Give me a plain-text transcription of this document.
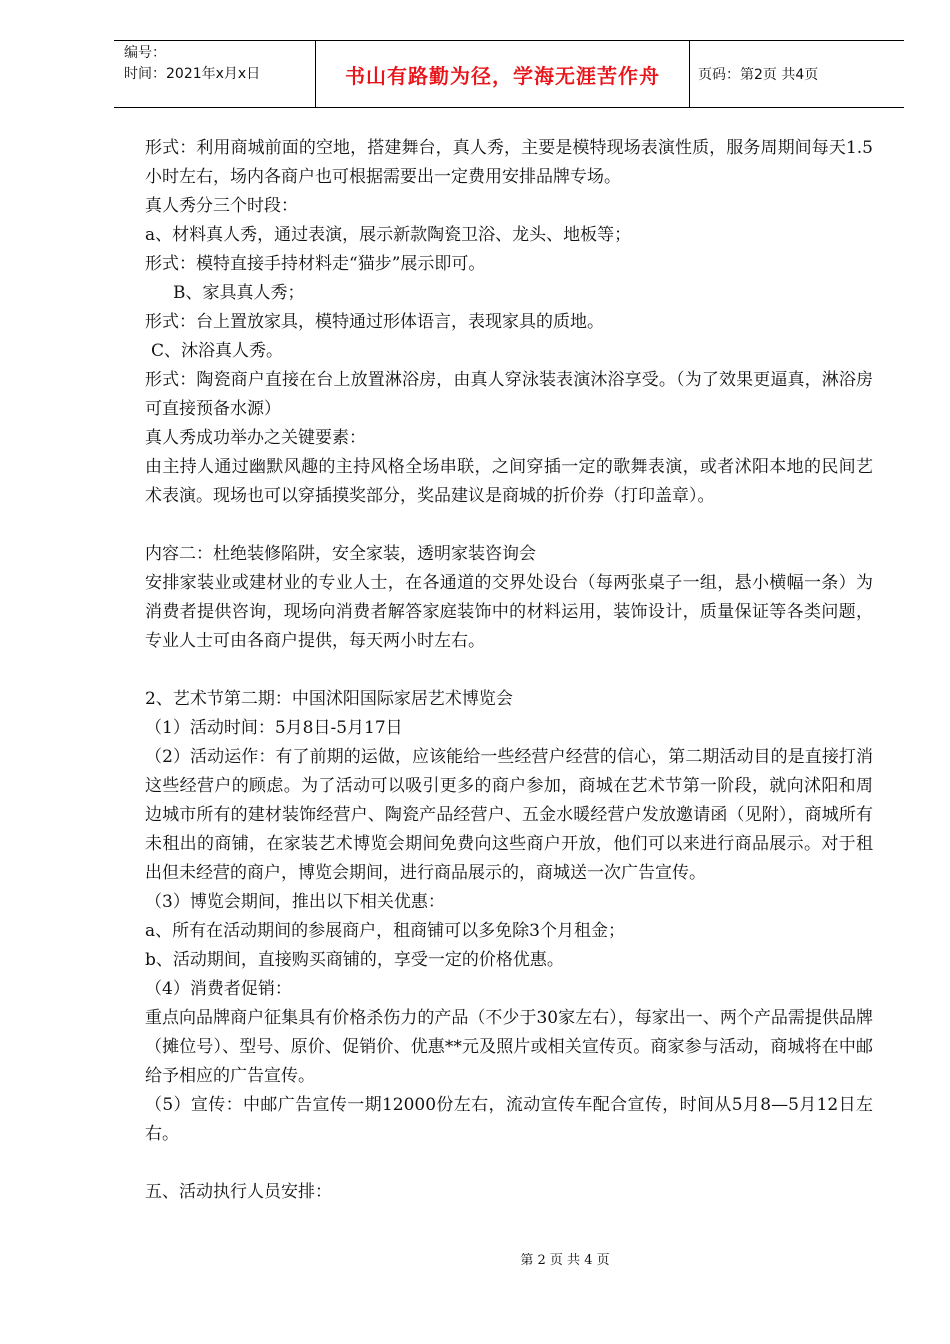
编号：
时间：2021年x月x日	书山有路勤为径，学海无涯苦作舟	页码：第2页 共4页

形式：利用商城前面的空地，搭建舞台，真人秀，主要是模特现场表演性质，服务周期间每天1.5小时左右，场内各商户也可根据需要出一定费用安排品牌专场。

真人秀分三个时段：

a、材料真人秀，通过表演，展示新款陶瓷卫浴、龙头、地板等；

形式：模特直接手持材料走“猫步”展示即可。

B、家具真人秀；

形式：台上置放家具，模特通过形体语言，表现家具的质地。

C、沐浴真人秀。

形式：陶瓷商户直接在台上放置淋浴房，由真人穿泳装表演沐浴享受。（为了效果更逼真，淋浴房可直接预备水源）

真人秀成功举办之关键要素：

由主持人通过幽默风趣的主持风格全场串联，之间穿插一定的歌舞表演，或者沭阳本地的民间艺术表演。现场也可以穿插摸奖部分，奖品建议是商城的折价券（打印盖章）。

内容二：杜绝装修陷阱，安全家装，透明家装咨询会

安排家装业或建材业的专业人士，在各通道的交界处设台（每两张桌子一组，悬小横幅一条）为消费者提供咨询，现场向消费者解答家庭装饰中的材料运用，装饰设计，质量保证等各类问题，专业人士可由各商户提供，每天两小时左右。

2、艺术节第二期：中国沭阳国际家居艺术博览会

（1）活动时间：5月8日-5月17日

（2）活动运作：有了前期的运做，应该能给一些经营户经营的信心，第二期活动目的是直接打消这些经营户的顾虑。为了活动可以吸引更多的商户参加，商城在艺术节第一阶段，就向沭阳和周边城市所有的建材装饰经营户、陶瓷产品经营户、五金水暖经营户发放邀请函（见附），商城所有未租出的商铺，在家装艺术博览会期间免费向这些商户开放，他们可以来进行商品展示。对于租出但未经营的商户，博览会期间，进行商品展示的，商城送一次广告宣传。

（3）博览会期间，推出以下相关优惠：

a、所有在活动期间的参展商户，租商铺可以多免除3个月租金；

b、活动期间，直接购买商铺的，享受一定的价格优惠。

（4）消费者促销：

重点向品牌商户征集具有价格杀伤力的产品（不少于30家左右），每家出一、两个产品需提供品牌（摊位号）、型号、原价、促销价、优惠**元及照片或相关宣传页。商家参与活动，商城将在中邮给予相应的广告宣传。

（5）宣传：中邮广告宣传一期12000份左右，流动宣传车配合宣传，时间从5月8—5月12日左右。

五、活动执行人员安排：

第 2 页 共 4 页
